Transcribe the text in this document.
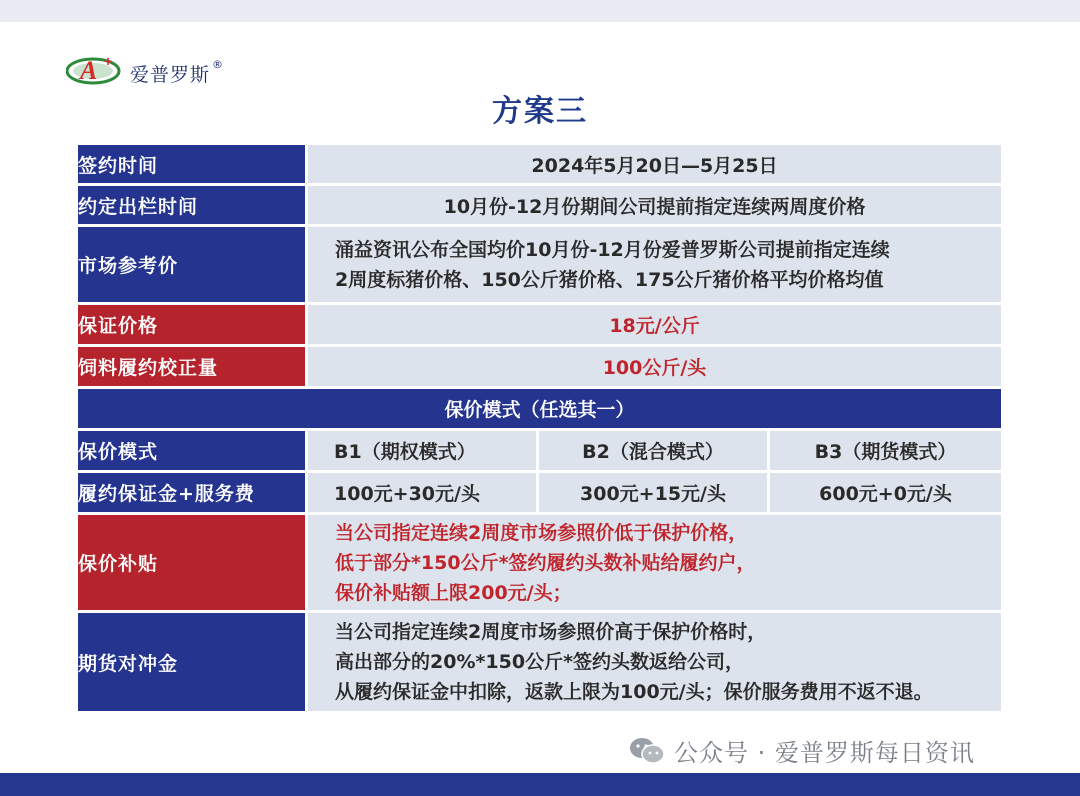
A +
爱普罗斯 ®
方案三
签约时间	2024年5月20日—5月25日		
约定出栏时间	10月份-12月份期间公司提前指定连续两周度价格		
市场参考价	涌益资讯公布全国均价10月份-12月份爱普罗斯公司提前指定连续
2周度标猪价格、150公斤猪价格、175公斤猪价格平均价格均值		

保证价格	18元/公斤		
饲料履约校正量	100公斤/头		
保价模式（任选其一）			
保价模式	B1（期权模式）	B2（混合模式）	B3（期货模式）
履约保证金+服务费	100元+30元/头	300元+15元/头	600元+0元/头
保价补贴	当公司指定连续2周度市场参照价低于保护价格，
低于部分*150公斤*签约履约头数补贴给履约户，
保价补贴额上限200元/头；		

期货对冲金	当公司指定连续2周度市场参照价高于保护价格时，
高出部分的20%*150公斤*签约头数返给公司，
从履约保证金中扣除，返款上限为100元/头；保价服务费用不返不退。		
公众号 · 爱普罗斯每日资讯
